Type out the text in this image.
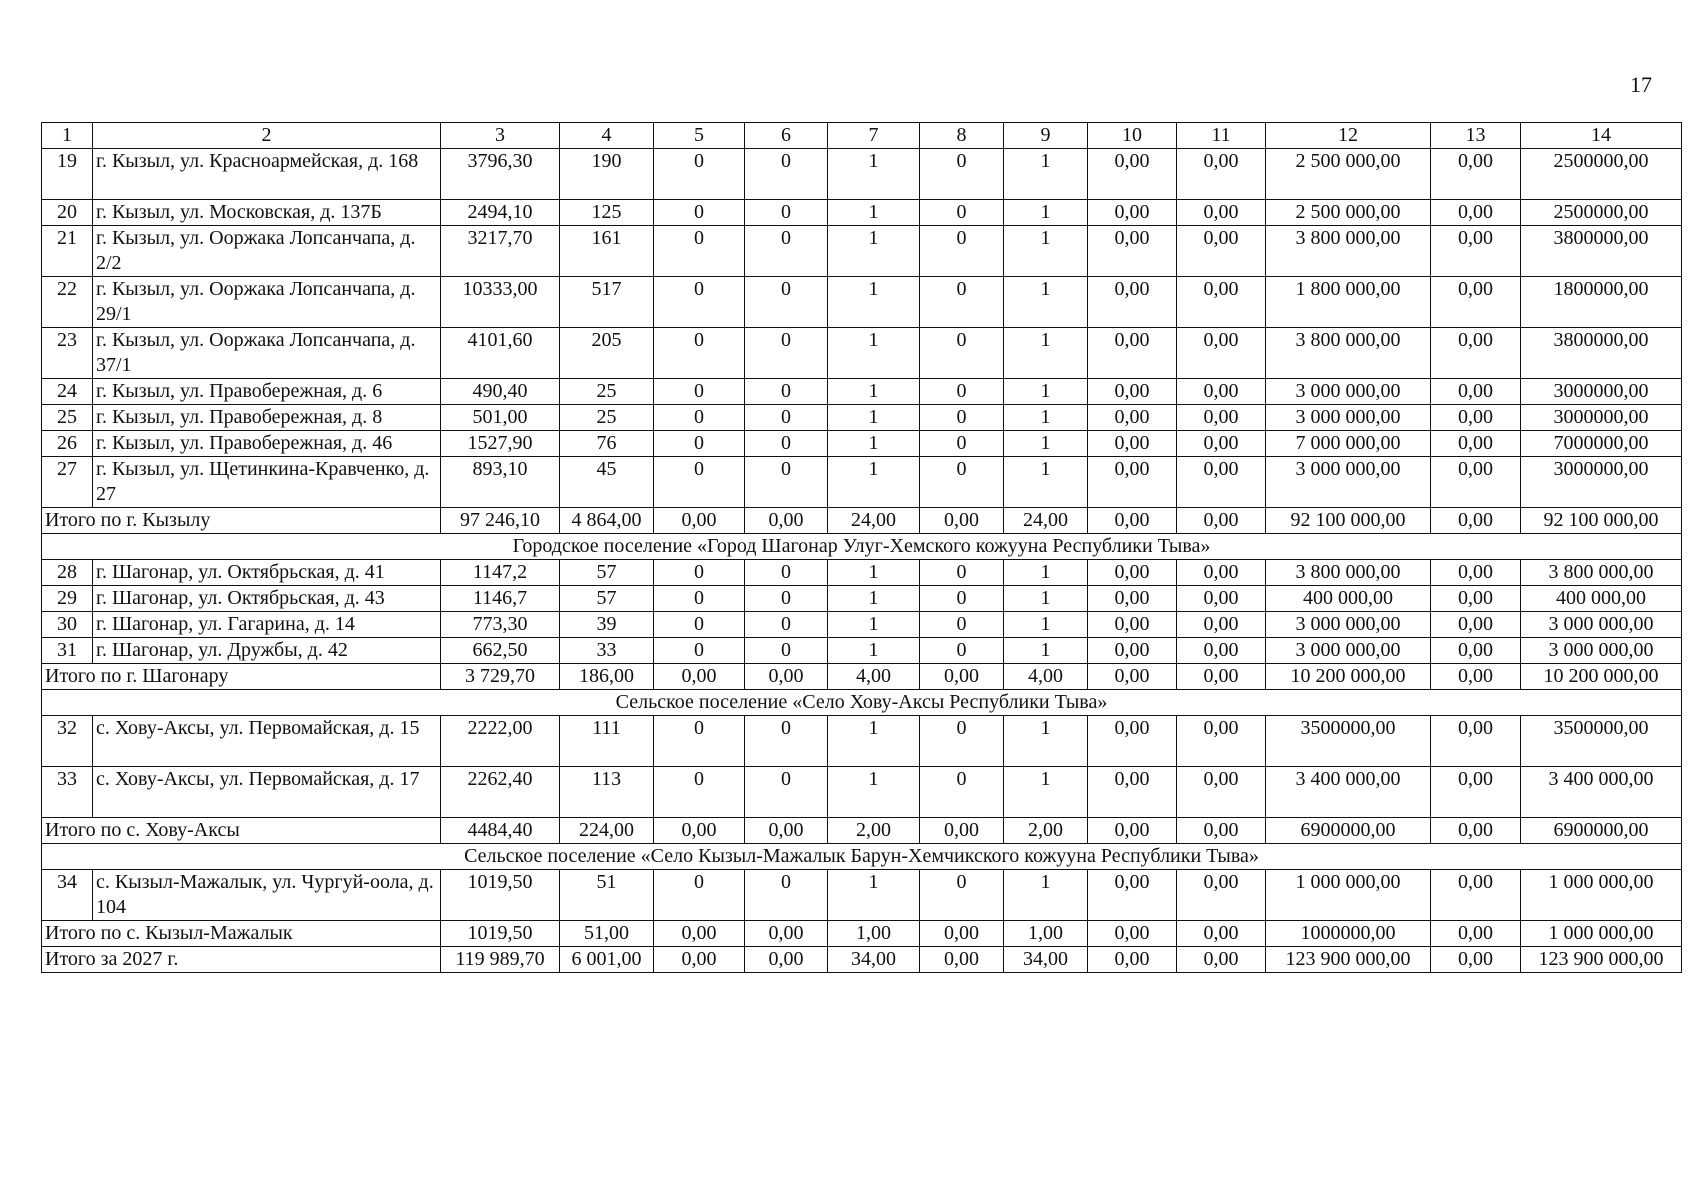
17
1	2	3	4	5	6	7	8	9	10	11	12	13	14
19	г. Кызыл, ул. Красноармейская, д. 168	3796,30	190	0	0	1	0	1	0,00	0,00	2 500 000,00	0,00	2500000,00
20	г. Кызыл, ул. Московская, д. 137Б	2494,10	125	0	0	1	0	1	0,00	0,00	2 500 000,00	0,00	2500000,00
21	г. Кызыл, ул. Ооржака Лопсанчапа, д. 2/2	3217,70	161	0	0	1	0	1	0,00	0,00	3 800 000,00	0,00	3800000,00
22	г. Кызыл, ул. Ооржака Лопсанчапа, д. 29/1	10333,00	517	0	0	1	0	1	0,00	0,00	1 800 000,00	0,00	1800000,00
23	г. Кызыл, ул. Ооржака Лопсанчапа, д. 37/1	4101,60	205	0	0	1	0	1	0,00	0,00	3 800 000,00	0,00	3800000,00
24	г. Кызыл, ул. Правобережная, д. 6	490,40	25	0	0	1	0	1	0,00	0,00	3 000 000,00	0,00	3000000,00
25	г. Кызыл, ул. Правобережная, д. 8	501,00	25	0	0	1	0	1	0,00	0,00	3 000 000,00	0,00	3000000,00
26	г. Кызыл, ул. Правобережная, д. 46	1527,90	76	0	0	1	0	1	0,00	0,00	7 000 000,00	0,00	7000000,00
27	г. Кызыл, ул. Щетинкина-Кравченко, д. 27	893,10	45	0	0	1	0	1	0,00	0,00	3 000 000,00	0,00	3000000,00
Итого по г. Кызылу		97 246,10	4 864,00	0,00	0,00	24,00	0,00	24,00	0,00	0,00	92 100 000,00	0,00	92 100 000,00
Городское поселение «Город Шагонар Улуг-Хемского кожууна Республики Тыва»													
28	г. Шагонар, ул. Октябрьская, д. 41	1147,2	57	0	0	1	0	1	0,00	0,00	3 800 000,00	0,00	3 800 000,00
29	г. Шагонар, ул. Октябрьская, д. 43	1146,7	57	0	0	1	0	1	0,00	0,00	400 000,00	0,00	400 000,00
30	г. Шагонар, ул. Гагарина, д. 14	773,30	39	0	0	1	0	1	0,00	0,00	3 000 000,00	0,00	3 000 000,00
31	г. Шагонар, ул. Дружбы, д. 42	662,50	33	0	0	1	0	1	0,00	0,00	3 000 000,00	0,00	3 000 000,00
Итого по г. Шагонару		3 729,70	186,00	0,00	0,00	4,00	0,00	4,00	0,00	0,00	10 200 000,00	0,00	10 200 000,00
Сельское поселение «Село Хову-Аксы Республики Тыва»													
32	с. Хову-Аксы, ул. Первомайская, д. 15	2222,00	111	0	0	1	0	1	0,00	0,00	3500000,00	0,00	3500000,00
33	с. Хову-Аксы, ул. Первомайская, д. 17	2262,40	113	0	0	1	0	1	0,00	0,00	3 400 000,00	0,00	3 400 000,00
Итого по с. Хову-Аксы		4484,40	224,00	0,00	0,00	2,00	0,00	2,00	0,00	0,00	6900000,00	0,00	6900000,00
Сельское поселение «Село Кызыл-Мажалык Барун-Хемчикского кожууна Республики Тыва»													
34	с. Кызыл-Мажалык, ул. Чургуй-оола, д. 104	1019,50	51	0	0	1	0	1	0,00	0,00	1 000 000,00	0,00	1 000 000,00
Итого по с. Кызыл-Мажалык		1019,50	51,00	0,00	0,00	1,00	0,00	1,00	0,00	0,00	1000000,00	0,00	1 000 000,00
Итого за 2027 г.		119 989,70	6 001,00	0,00	0,00	34,00	0,00	34,00	0,00	0,00	123 900 000,00	0,00	123 900 000,00
